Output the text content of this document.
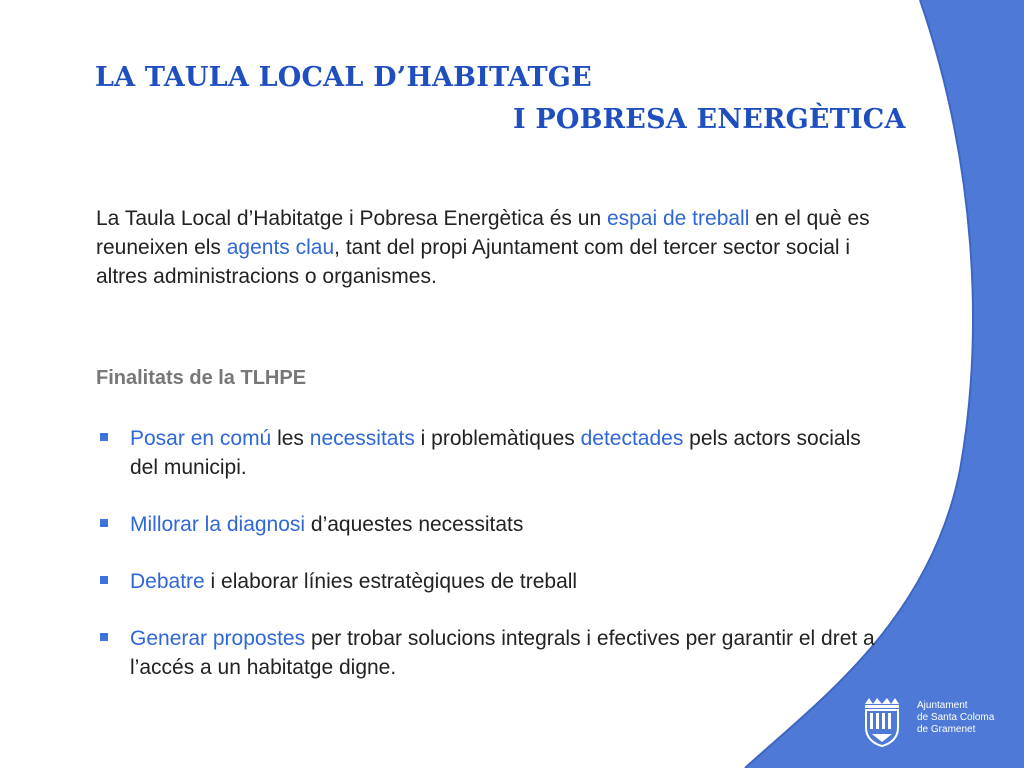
LA TAULA LOCAL D’HABITATGE
I POBRESA ENERGÈTICA
La Taula Local d’Habitatge i Pobresa Energètica és un espai de treball en el què es reuneixen els agents clau, tant del propi Ajuntament com del tercer sector social i altres administracions o organismes.
Finalitats de la TLHPE
Posar en comú les necessitats i problemàtiques detectades pels actors socials del municipi.
Millorar la diagnosi d’aquestes necessitats
Debatre i elaborar línies estratègiques de treball
Generar propostes per trobar solucions integrals i efectives per garantir el dret a l’accés a un habitatge digne.
Ajuntament
de Santa Coloma
de Gramenet
